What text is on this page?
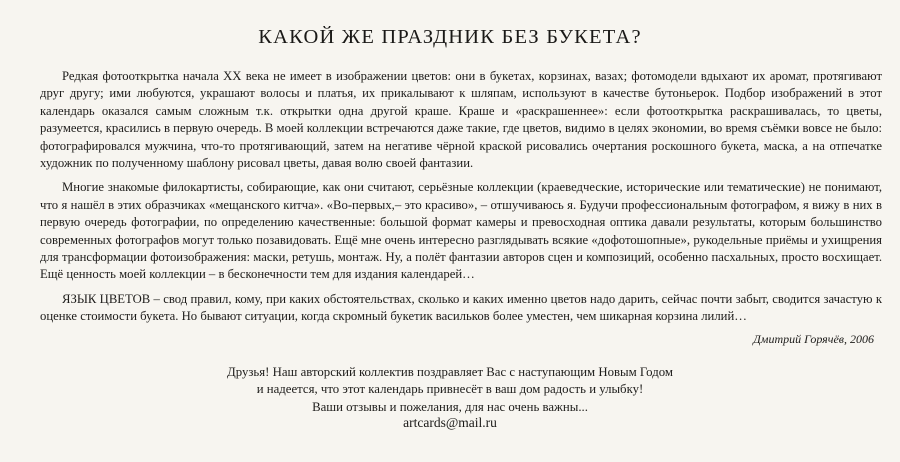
КАКОЙ ЖЕ ПРАЗДНИК БЕЗ БУКЕТА?

Редкая фотооткрытка начала XX века не имеет в изображении цветов: они в букетах, корзинах, вазах; фотомодели вдыхают их аромат, протягивают друг другу; ими любуются, украшают волосы и платья, их прикалывают к шляпам, используют в качестве бутоньерок. Подбор изображений в этот календарь оказался самым сложным т.к. открытки одна другой краше. Краше и «раскрашеннее»: если фотооткрытка раскрашивалась, то цветы, разумеется, красились в первую очередь. В моей коллекции встречаются даже такие, где цветов, видимо в целях экономии, во время съёмки вовсе не было: фотографировался мужчина, что-то протягивающий, затем на негативе чёрной краской рисовались очертания роскошного букета, маска, а на отпечатке художник по полученному шаблону рисовал цветы, давая волю своей фантазии.

Многие знакомые филокартисты, собирающие, как они считают, серьёзные коллекции (краеведческие, исторические или тематические) не понимают, что я нашёл в этих образчиках «мещанского китча». «Во-первых,– это красиво», – отшучиваюсь я. Будучи профессиональным фотографом, я вижу в них в первую очередь фотографии, по определению качественные: большой формат камеры и превосходная оптика давали результаты, которым большинство современных фотографов могут только позавидовать. Ещё мне очень интересно разглядывать всякие «дофотошопные», рукодельные приёмы и ухищрения для трансформации фотоизображения: маски, ретушь, монтаж. Ну, а полёт фантазии авторов сцен и композиций, особенно пасхальных, просто восхищает. Ещё ценность моей коллекции – в бесконечности тем для издания календарей…

ЯЗЫК ЦВЕТОВ – свод правил, кому, при каких обстоятельствах, сколько и каких именно цветов надо дарить, сейчас почти забыт, сводится зачастую к оценке стоимости букета. Но бывают ситуации, когда скромный букетик васильков более уместен, чем шикарная корзина лилий…

Дмитрий Горячёв, 2006
Друзья! Наш авторский коллектив поздравляет Вас с наступающим Новым Годом
и надеется, что этот календарь привнесёт в ваш дом радость и улыбку!
Ваши отзывы и пожелания, для нас очень важны...
artcards@mail.ru
